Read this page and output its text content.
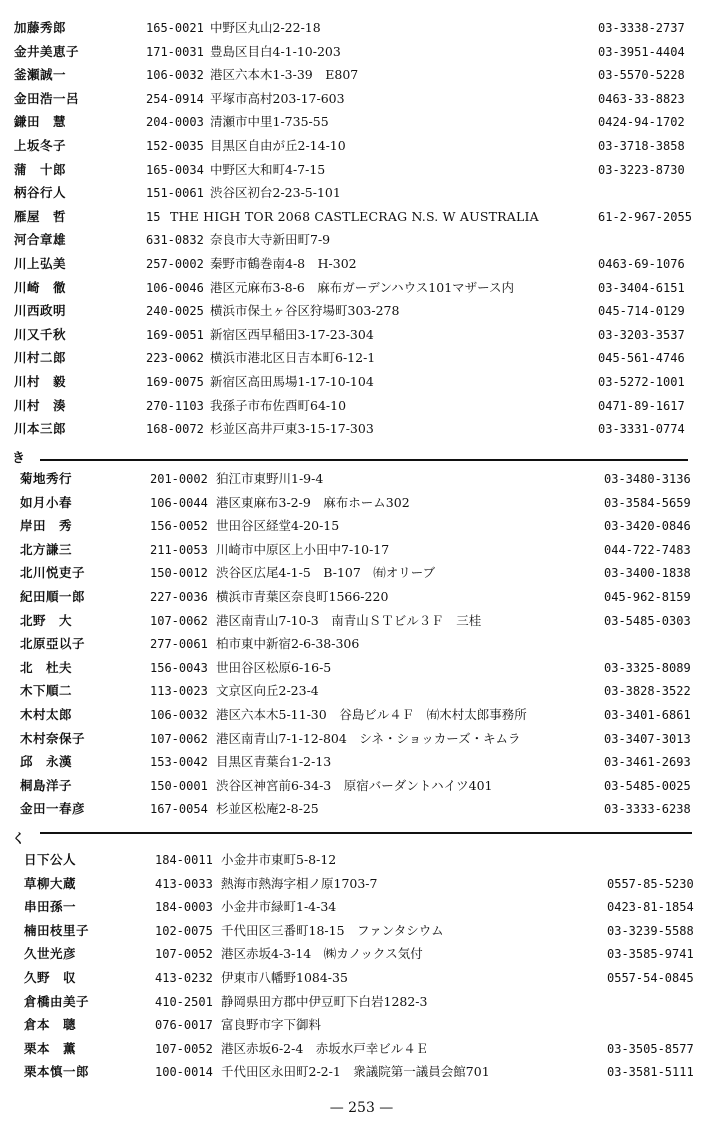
加藤秀郎	165-0021 中野区丸山2-22-18	03-3338-2737
金井美恵子	171-0031 豊島区目白4-1-10-203	03-3951-4404
釜瀬誠一	106-0032 港区六本木1-3-39　E807	03-5570-5228
金田浩一呂	254-0914 平塚市高村203-17-603	0463-33-8823
鎌田　慧	204-0003 清瀬市中里1-735-55	0424-94-1702
上坂冬子	152-0035 目黒区自由が丘2-14-10	03-3718-3858
蒲　十郎	165-0034 中野区大和町4-7-15	03-3223-8730
柄谷行人	151-0061 渋谷区初台2-23-5-101
雁屋　哲	15 THE HIGH TOR 2068 CASTLECRAG N.S. W AUSTRALIA	61-2-967-2055
河合章雄	631-0832 奈良市大寺新田町7-9
川上弘美	257-0002 秦野市鶴巻南4-8　H-302	0463-69-1076
川崎　徹	106-0046 港区元麻布3-8-6　麻布ガーデンハウス101マザース内	03-3404-6151
川西政明	240-0025 横浜市保土ヶ谷区狩場町303-278	045-714-0129
川又千秋	169-0051 新宿区西早稲田3-17-23-304	03-3203-3537
川村二郎	223-0062 横浜市港北区日吉本町6-12-1	045-561-4746
川村　毅	169-0075 新宿区高田馬場1-17-10-104	03-5272-1001
川村　湊	270-1103 我孫子市布佐酉町64-10	0471-89-1617
川本三郎	168-0072 杉並区高井戸東3-15-17-303	03-3331-0774
き
菊地秀行	201-0002 狛江市東野川1-9-4	03-3480-3136
如月小春	106-0044 港区東麻布3-2-9　麻布ホーム302	03-3584-5659
岸田　秀	156-0052 世田谷区経堂4-20-15	03-3420-0846
北方謙三	211-0053 川崎市中原区上小田中7-10-17	044-722-7483
北川悦吏子	150-0012 渋谷区広尾4-1-5　B-107　㈲オリーブ	03-3400-1838
紀田順一郎	227-0036 横浜市青葉区奈良町1566-220	045-962-8159
北野　大	107-0062 港区南青山7-10-3　南青山ＳＴビル３Ｆ　三桂	03-5485-0303
北原亞以子	277-0061 柏市東中新宿2-6-38-306
北　杜夫	156-0043 世田谷区松原6-16-5	03-3325-8089
木下順二	113-0023 文京区向丘2-23-4	03-3828-3522
木村太郎	106-0032 港区六本木5-11-30　谷島ビル４Ｆ　㈲木村太郎事務所	03-3401-6861
木村奈保子	107-0062 港区南青山7-1-12-804　シネ・ショッカーズ・キムラ	03-3407-3013
邱　永漢	153-0042 目黒区青葉台1-2-13	03-3461-2693
桐島洋子	150-0001 渋谷区神宮前6-34-3　原宿バーダントハイツ401	03-5485-0025
金田一春彦	167-0054 杉並区松庵2-8-25	03-3333-6238
く
日下公人	184-0011 小金井市東町5-8-12
草柳大蔵	413-0033 熱海市熱海字相ノ原1703-7	0557-85-5230
串田孫一	184-0003 小金井市緑町1-4-34	0423-81-1854
楠田枝里子	102-0075 千代田区三番町18-15　ファンタシウム	03-3239-5588
久世光彦	107-0052 港区赤坂4-3-14　㈱カノックス気付	03-3585-9741
久野　収	413-0232 伊東市八幡野1084-35	0557-54-0845
倉橋由美子	410-2501 静岡県田方郡中伊豆町下白岩1282-3
倉本　聰	076-0017 富良野市字下御料
栗本　薫	107-0052 港区赤坂6-2-4　赤坂水戸幸ビル４Ｅ	03-3505-8577
栗本慎一郎	100-0014 千代田区永田町2-2-1　衆議院第一議員会館701	03-3581-5111
— 253 —
